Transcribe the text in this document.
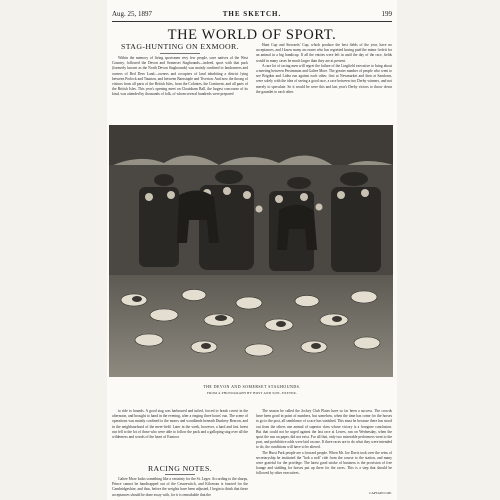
Aug. 25, 1897	THE SKETCH.	199
THE WORLD OF SPORT.
STAG-HUNTING ON EXMOOR.

Within the memory of living sportsmen very few people, save natives of the West Country, followed the Devon and Somerset Staghounds—indeed, sport with that pack (formerly known as the North Devon Staghounds) was mainly confined to landowners and owners of Red Deer Land—owners and occupiers of land inhabiting a district lying between Porlock and Taunton, and between Barnstaple and Tiverton. And now the throng of visitors from all parts of the British Isles, from the Colonies, the Continent, and all parts of the British Isles. This year's opening meet on Cloutsham Ball, the largest concourse of its kind, was attended by thousands of folk, of whom several hundreds were prepared

Hunt Cup and Stewards' Cup, which produce the best fields of the year, have no acceptances, and I know many an owner who has regretted having paid the minor forfeit for an animal in a big handicap. If all the entries were left in until the day of the race, fields would in many cases be much larger than they are at present.

A rare lot of racing men will regret the failure of the Lingfield executive to bring about a meeting between Persimmon and Galtee More. The greater number of people who went to see Brigdon and Lidea run against each other, first at Newmarket and then at Sandown, were solely with the idea of seeing a good race, a race between two Derby winners, and not merely to speculate. So it would be were this and last year's Derby victors to throw down the gauntlet to each other.

THE DEVON AND SOMERSET STAGHOUNDS.
FROM A PHOTOGRAPH BY HOST AND SON, EXETER.

to ride to hounds. A good stag was harboured and tufted, forced to break covert in the afternoon, and brought to hand in the evening, after a ringing three hours' run. The scene of operations was mainly confined to the moors and woodlands beneath Dunkery Beacon, and in the neighbourhood of the meet-field. Later in the week, however, a hard and fast forest run fell to the lot of those who were able to follow the pack and a galloping stag over all the wilderness and woods of the heart of Exmoor

RACING NOTES.

Galtee More looks something like a certainty for the St. Leger. According to the sharps, Prince cannot be handicapped out of the Cesarewitch, and Kilcerran is fancied for the Cambridgeshire, and thus, before the weights have been adjusted, I begin to think that these acceptances should be done away with, for it is remarkable that the

The season be called the Jockey Club Plates have so far been a success. The crowds have been good in point of numbers, but somehow, when the time has come for the horses to go to the post, all semblance of a race has vanished. This must be because there has stood out from the others one animal of superior class whose victory is a foregone conclusion. But that could not be urged against the last race at Lewes, run on Wednesday, when the sport the sun on paper, did not exist. For all that, only two miserable performers went to the post, and prohibitive odds were laid on one. If three races are to do what they were intended to do, the conditions will have to be altered.

The Hurst Park people are a forward people. When Mr. Joe Davis took over the reins of secretaryship he instituted the "hob a nob" ride from the course to the station, and many were grateful for the privilege. The latest good stroke of business is the provision of free lounge and stabling for horses put up there for the races. This is a step that should be followed by other executives.

CAPTAIN COE.
